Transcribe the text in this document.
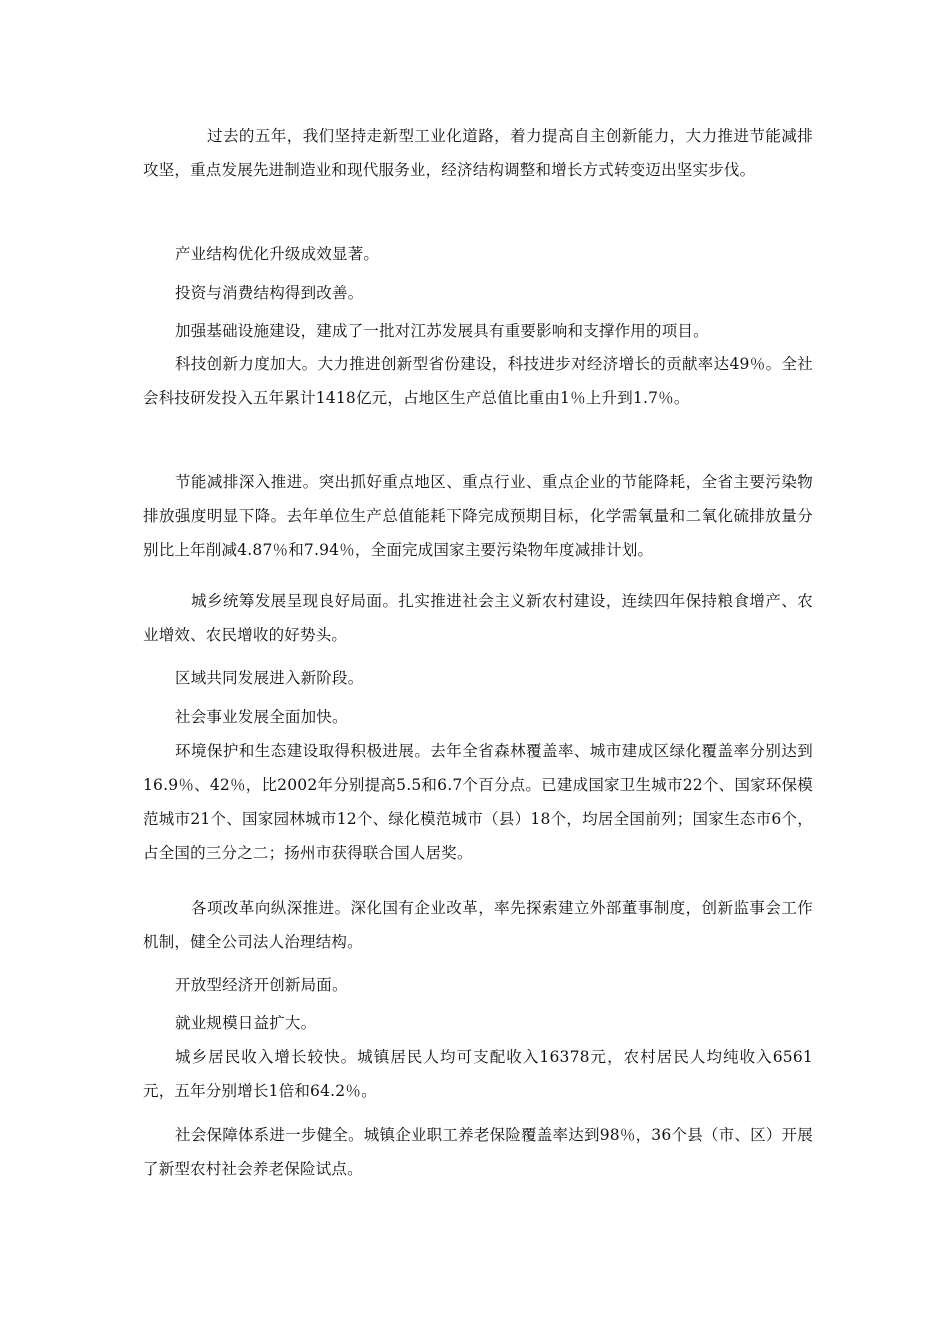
过去的五年，我们坚持走新型工业化道路，着力提高自主创新能力，大力推进节能减排攻坚，重点发展先进制造业和现代服务业，经济结构调整和增长方式转变迈出坚实步伐。

产业结构优化升级成效显著。

投资与消费结构得到改善。

加强基础设施建设，建成了一批对江苏发展具有重要影响和支撑作用的项目。

科技创新力度加大。大力推进创新型省份建设，科技进步对经济增长的贡献率达49％。全社会科技研发投入五年累计1418亿元，占地区生产总值比重由1％上升到1.7％。

节能减排深入推进。突出抓好重点地区、重点行业、重点企业的节能降耗，全省主要污染物排放强度明显下降。去年单位生产总值能耗下降完成预期目标，化学需氧量和二氧化硫排放量分别比上年削减4.87％和7.94％，全面完成国家主要污染物年度减排计划。

城乡统筹发展呈现良好局面。扎实推进社会主义新农村建设，连续四年保持粮食增产、农业增效、农民增收的好势头。

区域共同发展进入新阶段。

社会事业发展全面加快。

环境保护和生态建设取得积极进展。去年全省森林覆盖率、城市建成区绿化覆盖率分别达到16.9％、42％，比2002年分别提高5.5和6.7个百分点。已建成国家卫生城市22个、国家环保模范城市21个、国家园林城市12个、绿化模范城市（县）18个，均居全国前列；国家生态市6个，占全国的三分之二；扬州市获得联合国人居奖。

各项改革向纵深推进。深化国有企业改革，率先探索建立外部董事制度，创新监事会工作机制，健全公司法人治理结构。

开放型经济开创新局面。

就业规模日益扩大。

城乡居民收入增长较快。城镇居民人均可支配收入16378元，农村居民人均纯收入6561元，五年分别增长1倍和64.2％。

社会保障体系进一步健全。城镇企业职工养老保险覆盖率达到98％，36个县（市、区）开展了新型农村社会养老保险试点。
